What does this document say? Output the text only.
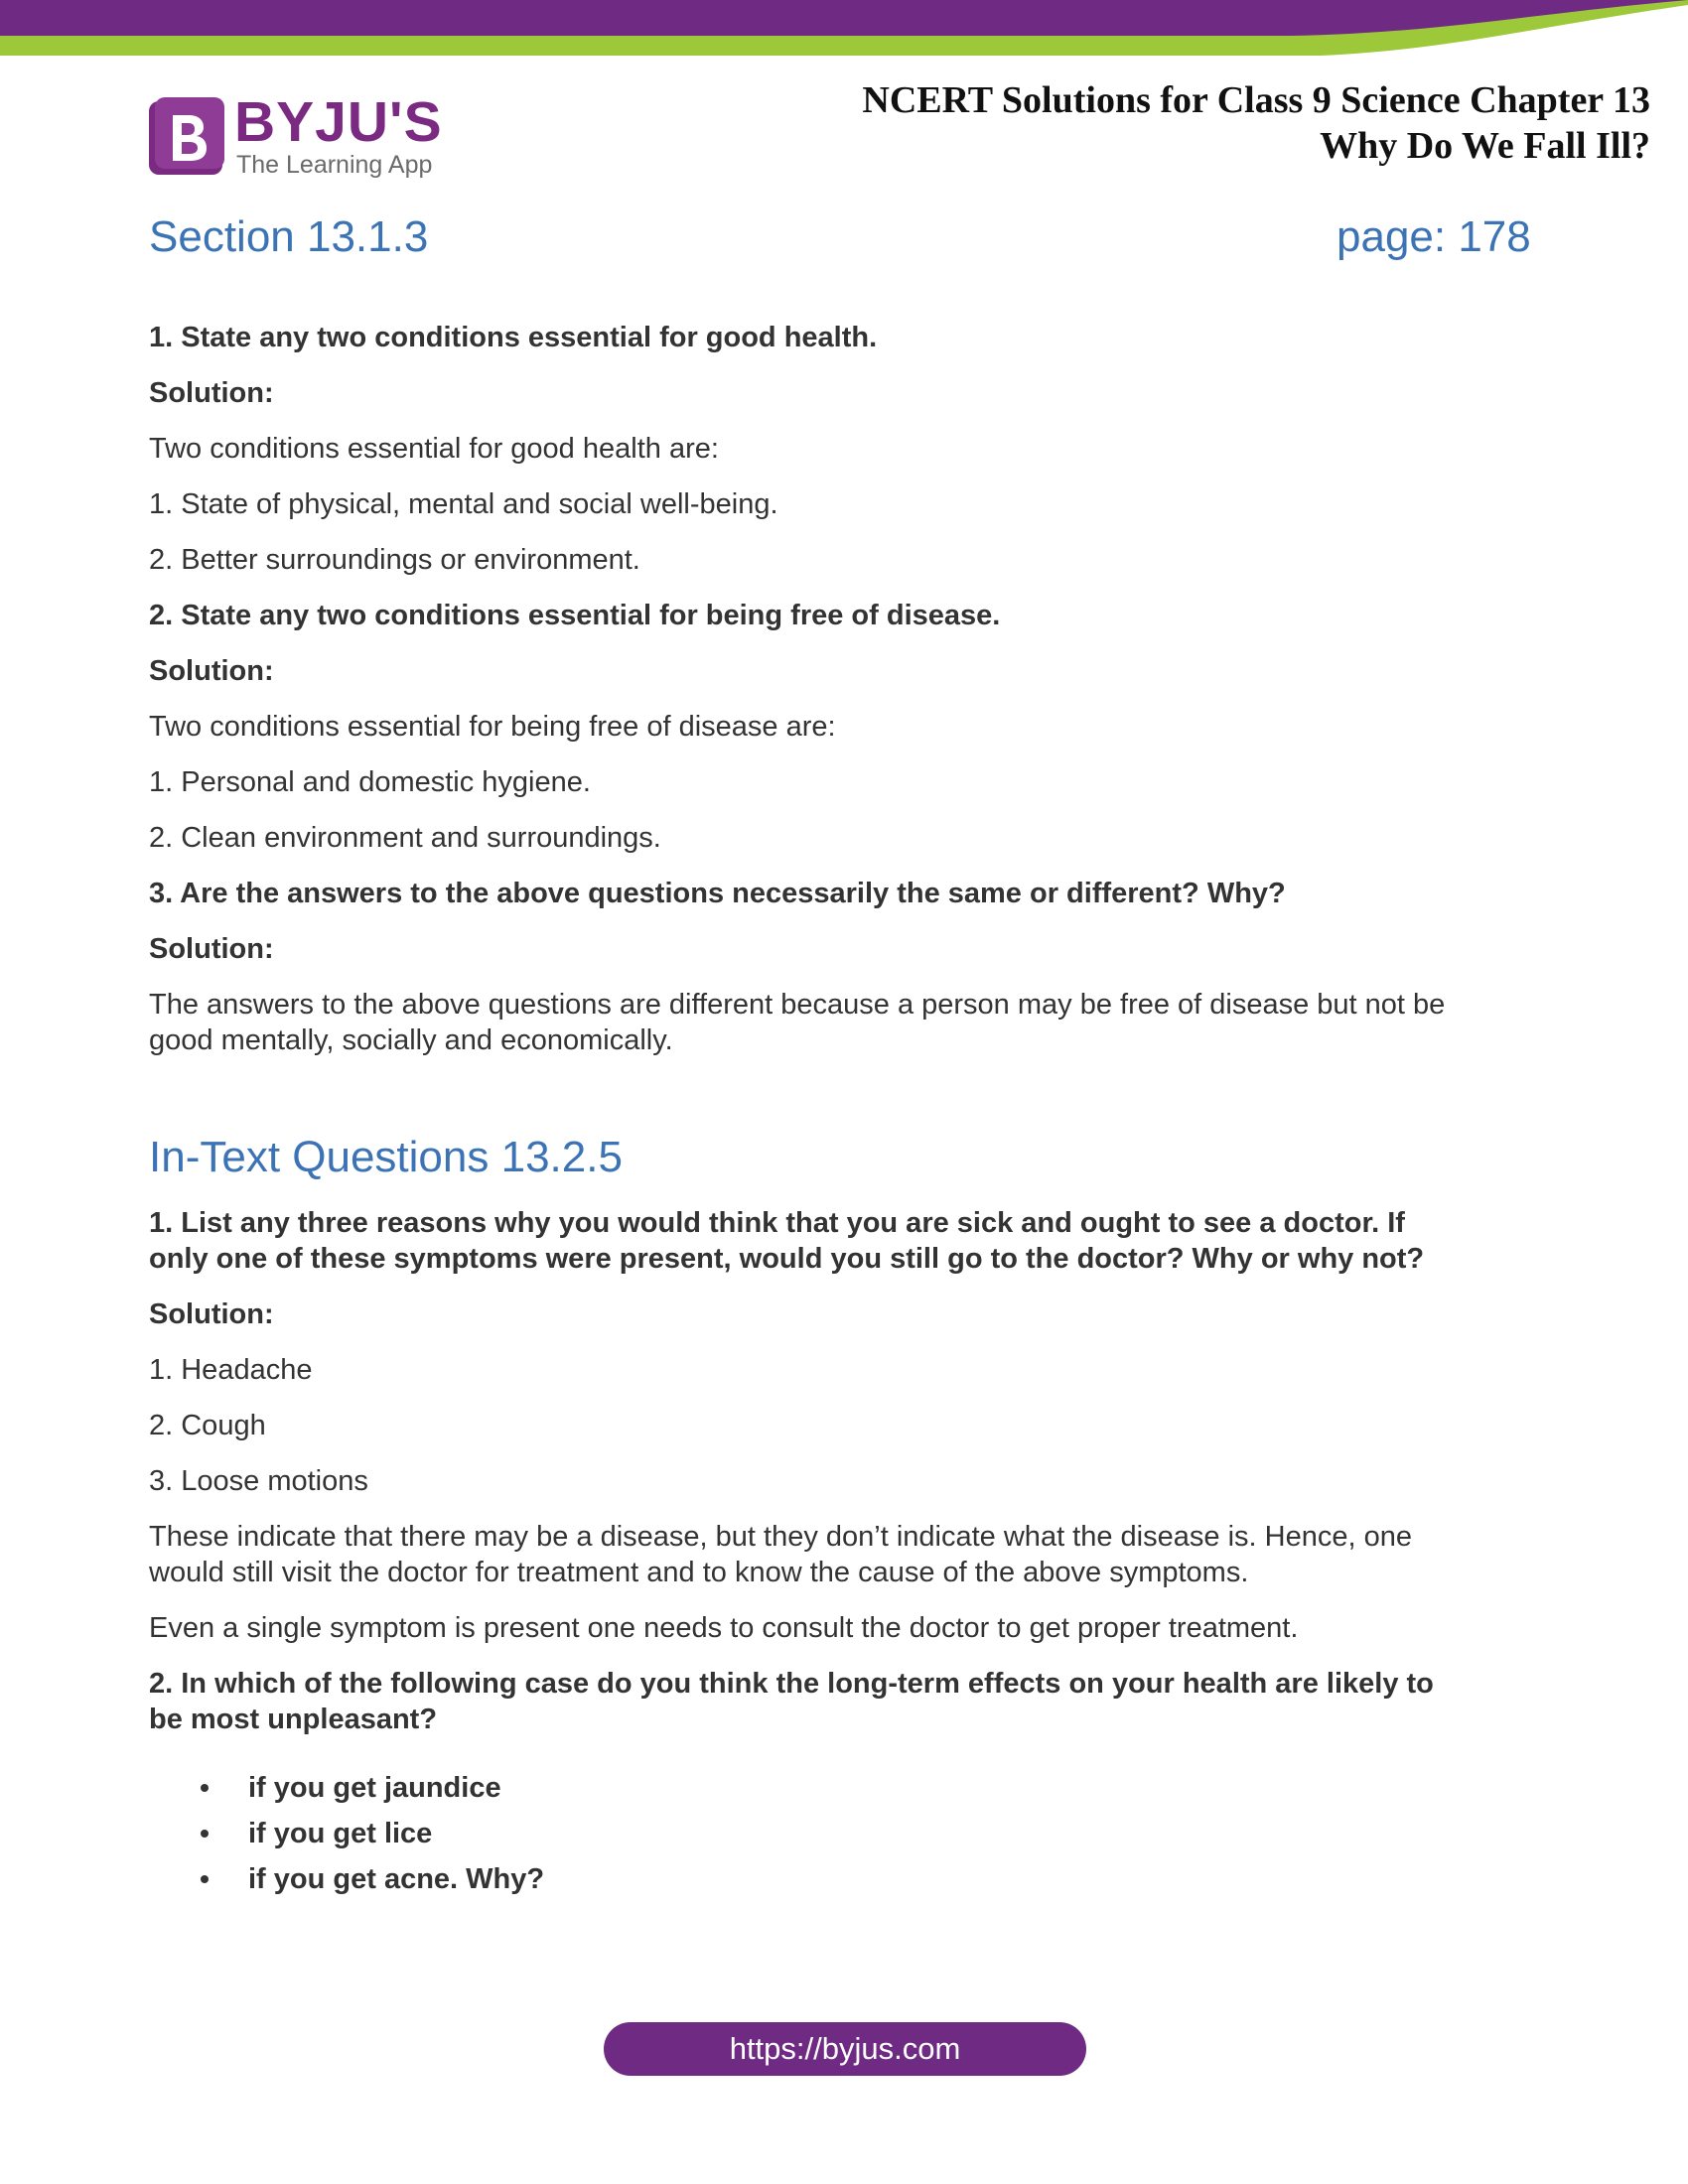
BYJU'S
The Learning App
NCERT Solutions for Class 9 Science Chapter 13
Why Do We Fall Ill?
Section 13.1.3	page: 178

1. State any two conditions essential for good health.

Solution:

Two conditions essential for good health are:

1. State of physical, mental and social well-being.

2. Better surroundings or environment.

2. State any two conditions essential for being free of disease.

Solution:

Two conditions essential for being free of disease are:

1. Personal and domestic hygiene.

2. Clean environment and surroundings.

3. Are the answers to the above questions necessarily the same or different? Why?

Solution:

The answers to the above questions are different because a person may be free of disease but not be

good mentally, socially and economically.

In-Text Questions 13.2.5

1. List any three reasons why you would think that you are sick and ought to see a doctor. If

only one of these symptoms were present, would you still go to the doctor? Why or why not?

Solution:

1. Headache

2. Cough

3. Loose motions

These indicate that there may be a disease, but they don’t indicate what the disease is. Hence, one

would still visit the doctor for treatment and to know the cause of the above symptoms.

Even a single symptom is present one needs to consult the doctor to get proper treatment.

2. In which of the following case do you think the long-term effects on your health are likely to

be most unpleasant?

if you get jaundice
if you get lice
if you get acne. Why?
https://byjus.com
